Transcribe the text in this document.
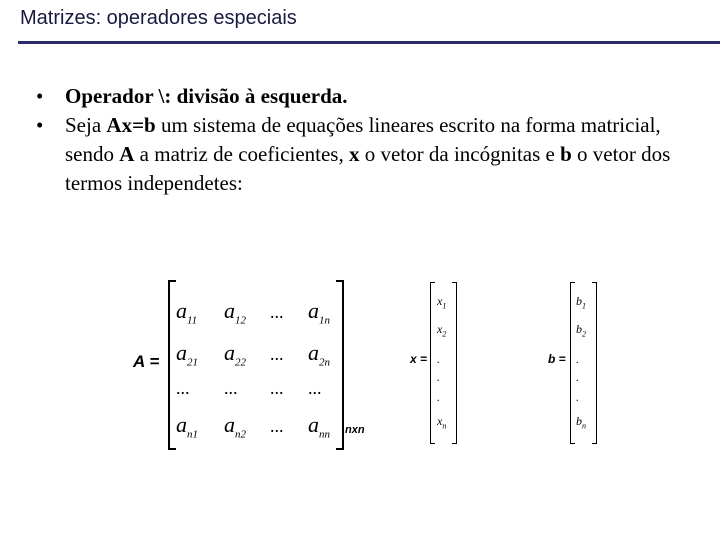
Matrizes: operadores especiais
• Operador \: divisão à esquerda.
• Seja Ax=b um sistema de equações lineares escrito na forma matricial, sendo A a matriz de coeficientes, x o vetor da incógnitas e b o vetor dos termos independetes:
A =
$a_{11}$ $a_{12}$ ... $a_{1n}$
$a_{21}$ $a_{22}$ ... $a_{2n}$
... ... ... ...
$a_{n1}$ $a_{n2}$ ... $a_{nn}$ nxn
x =
$x_1$
$x_2$
.
.
.
$x_n$
b =
$b_1$
$b_2$
.
.
.
$b_n$
